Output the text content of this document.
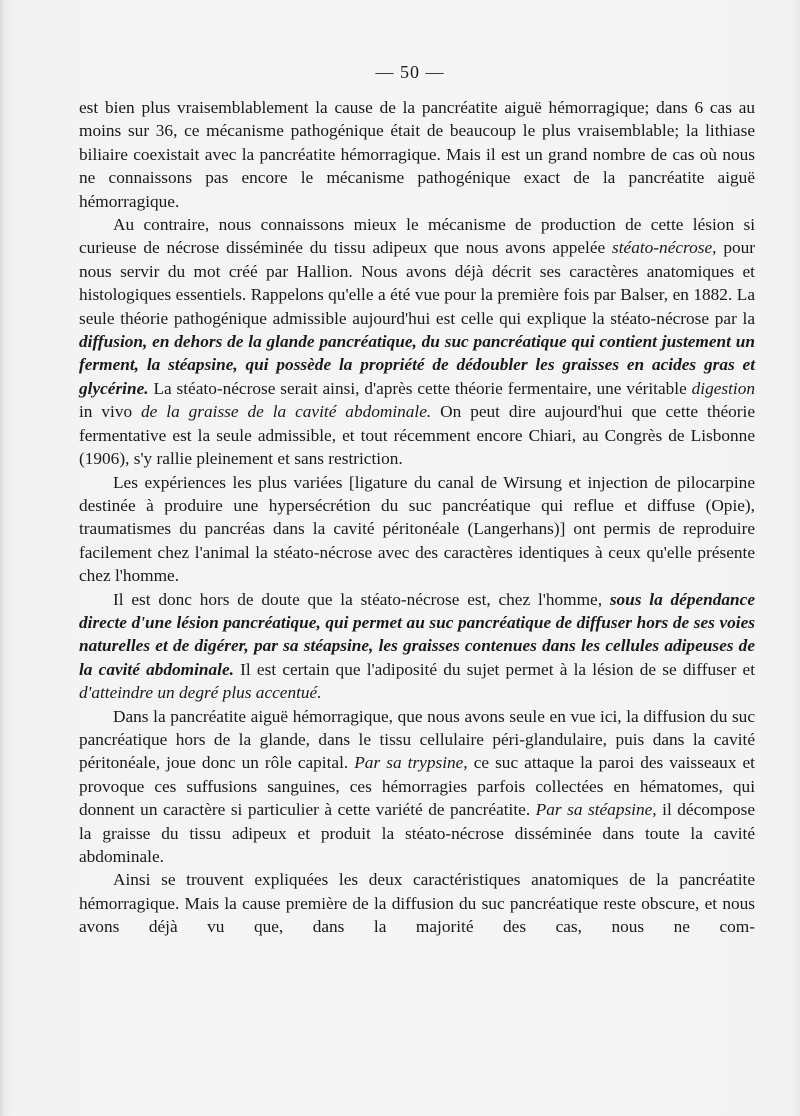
— 50 —

est bien plus vraisemblablement la cause de la pancréatite aiguë hémorragique; dans 6 cas au moins sur 36, ce mécanisme pathogénique était de beaucoup le plus vraisemblable; la lithiase biliaire coexistait avec la pancréatite hémorragique. Mais il est un grand nombre de cas où nous ne connaissons pas encore le mécanisme pathogénique exact de la pancréatite aiguë hémorragique.

Au contraire, nous connaissons mieux le mécanisme de production de cette lésion si curieuse de nécrose disséminée du tissu adipeux que nous avons appelée stéato-nécrose, pour nous servir du mot créé par Hallion. Nous avons déjà décrit ses caractères anatomiques et histologiques essentiels. Rappelons qu'elle a été vue pour la première fois par Balser, en 1882. La seule théorie pathogénique admissible aujourd'hui est celle qui explique la stéato-nécrose par la diffusion, en dehors de la glande pancréatique, du suc pancréatique qui contient justement un ferment, la stéapsine, qui possède la propriété de dédoubler les graisses en acides gras et glycérine. La stéato-nécrose serait ainsi, d'après cette théorie fermentaire, une véritable digestion in vivo de la graisse de la cavité abdominale. On peut dire aujourd'hui que cette théorie fermentative est la seule admissible, et tout récemment encore Chiari, au Congrès de Lisbonne (1906), s'y rallie pleinement et sans restriction.

Les expériences les plus variées [ligature du canal de Wirsung et injection de pilocarpine destinée à produire une hypersécrétion du suc pancréatique qui reflue et diffuse (Opie), traumatismes du pancréas dans la cavité péritonéale (Langerhans)] ont permis de reproduire facilement chez l'animal la stéato-nécrose avec des caractères identiques à ceux qu'elle présente chez l'homme.

Il est donc hors de doute que la stéato-nécrose est, chez l'homme, sous la dépendance directe d'une lésion pancréatique, qui permet au suc pancréatique de diffuser hors de ses voies naturelles et de digérer, par sa stéapsine, les graisses contenues dans les cellules adipeuses de la cavité abdominale. Il est certain que l'adiposité du sujet permet à la lésion de se diffuser et d'atteindre un degré plus accentué.

Dans la pancréatite aiguë hémorragique, que nous avons seule en vue ici, la diffusion du suc pancréatique hors de la glande, dans le tissu cellulaire péri-glandulaire, puis dans la cavité péritonéale, joue donc un rôle capital. Par sa trypsine, ce suc attaque la paroi des vaisseaux et provoque ces suffusions sanguines, ces hémorragies parfois collectées en hématomes, qui donnent un caractère si particulier à cette variété de pancréatite. Par sa stéapsine, il décompose la graisse du tissu adipeux et produit la stéato-nécrose disséminée dans toute la cavité abdominale.

Ainsi se trouvent expliquées les deux caractéristiques anatomiques de la pancréatite hémorragique. Mais la cause première de la diffusion du suc pancréatique reste obscure, et nous avons déjà vu que, dans la majorité des cas, nous ne com-
